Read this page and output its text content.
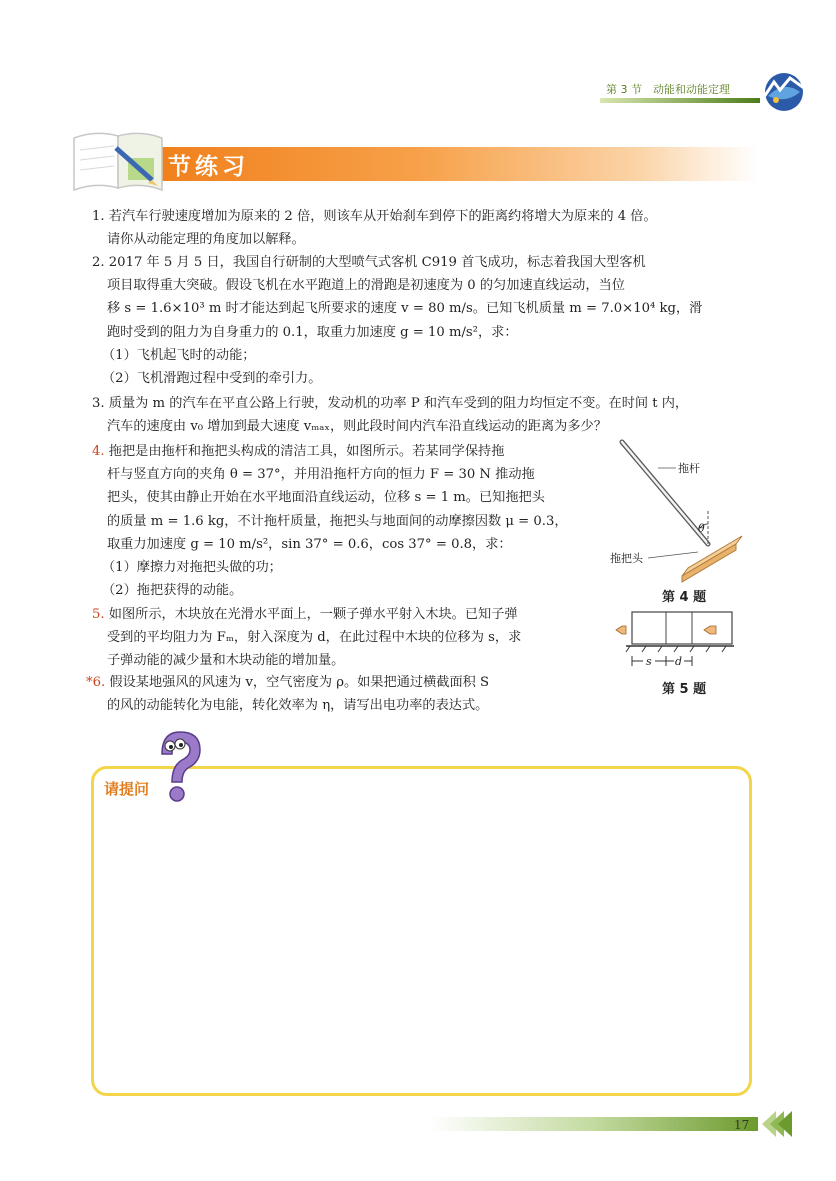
第 3 节　动能和动能定理
节练习
1. 若汽车行驶速度增加为原来的 2 倍，则该车从开始刹车到停下的距离约将增大为原来的 4 倍。
请你从动能定理的角度加以解释。
2. 2017 年 5 月 5 日，我国自行研制的大型喷气式客机 C919 首飞成功，标志着我国大型客机
项目取得重大突破。假设飞机在水平跑道上的滑跑是初速度为 0 的匀加速直线运动，当位
移 s = 1.6×10³ m 时才能达到起飞所要求的速度 v = 80 m/s。已知飞机质量 m = 7.0×10⁴ kg，滑
跑时受到的阻力为自身重力的 0.1，取重力加速度 g = 10 m/s²，求：
（1）飞机起飞时的动能；
（2）飞机滑跑过程中受到的牵引力。
3. 质量为 m 的汽车在平直公路上行驶，发动机的功率 P 和汽车受到的阻力均恒定不变。在时间 t 内，
汽车的速度由 v₀ 增加到最大速度 vₘₐₓ，则此段时间内汽车沿直线运动的距离为多少？
4. 拖把是由拖杆和拖把头构成的清洁工具，如图所示。若某同学保持拖
杆与竖直方向的夹角 θ = 37°，并用沿拖杆方向的恒力 F = 30 N 推动拖
把头，使其由静止开始在水平地面沿直线运动，位移 s = 1 m。已知拖把头
的质量 m = 1.6 kg，不计拖杆质量，拖把头与地面间的动摩擦因数 μ = 0.3，
取重力加速度 g = 10 m/s²，sin 37° = 0.6，cos 37° = 0.8，求：
（1）摩擦力对拖把头做的功；
（2）拖把获得的动能。
5. 如图所示，木块放在光滑水平面上，一颗子弹水平射入木块。已知子弹
受到的平均阻力为 Fₘ，射入深度为 d，在此过程中木块的位移为 s，求
子弹动能的减少量和木块动能的增加量。
*6. 假设某地强风的风速为 v，空气密度为 ρ。如果把通过横截面积 S
的风的动能转化为电能，转化效率为 η，请写出电功率的表达式。
拖杆
θ
拖把头
第 4 题
s d
第 5 题
请提问
17
